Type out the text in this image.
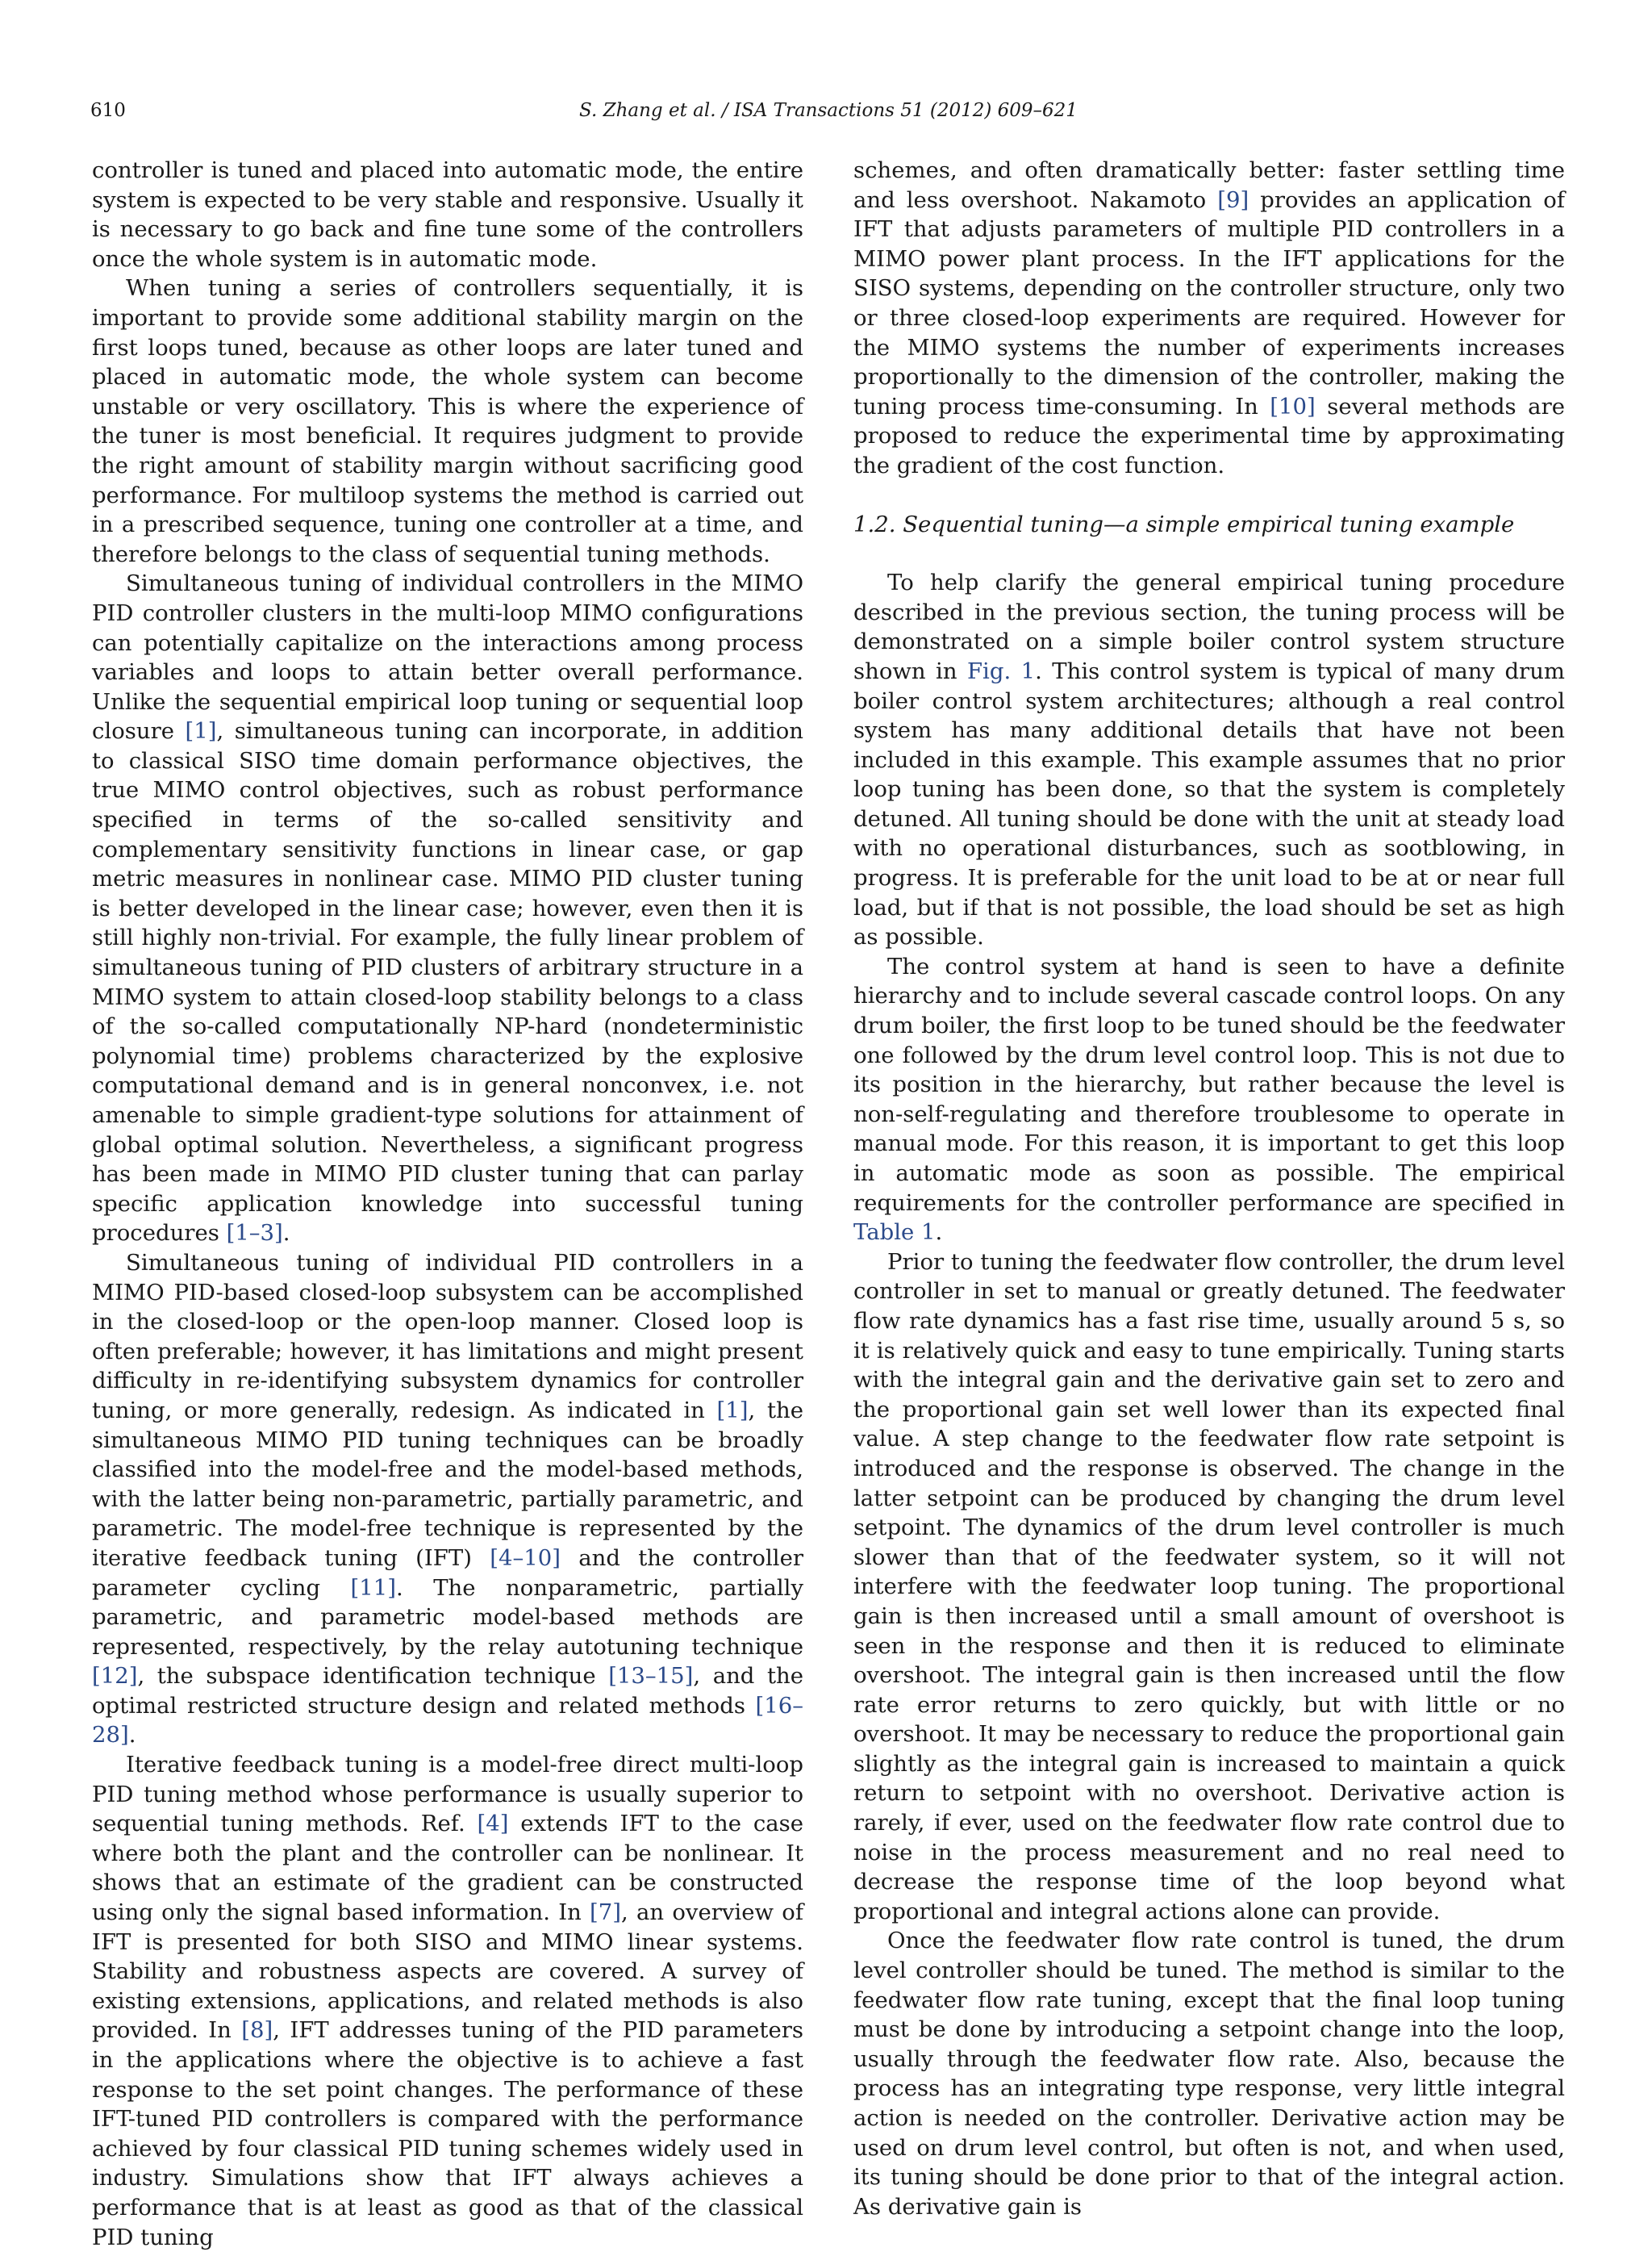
610	S. Zhang et al. / ISA Transactions 51 (2012) 609–621

controller is tuned and placed into automatic mode, the entire system is expected to be very stable and responsive. Usually it is necessary to go back and fine tune some of the controllers once the whole system is in automatic mode.

When tuning a series of controllers sequentially, it is important to provide some additional stability margin on the first loops tuned, because as other loops are later tuned and placed in automatic mode, the whole system can become unstable or very oscillatory. This is where the experience of the tuner is most beneficial. It requires judgment to provide the right amount of stability margin without sacrificing good performance. For multiloop systems the method is carried out in a prescribed sequence, tuning one controller at a time, and therefore belongs to the class of sequential tuning methods.

Simultaneous tuning of individual controllers in the MIMO PID controller clusters in the multi-loop MIMO configurations can potentially capitalize on the interactions among process variables and loops to attain better overall performance. Unlike the sequential empirical loop tuning or sequential loop closure [1], simultaneous tuning can incorporate, in addition to classical SISO time domain performance objectives, the true MIMO control objectives, such as robust performance specified in terms of the so-called sensitivity and complementary sensitivity functions in linear case, or gap metric measures in nonlinear case. MIMO PID cluster tuning is better developed in the linear case; however, even then it is still highly non-trivial. For example, the fully linear problem of simultaneous tuning of PID clusters of arbitrary structure in a MIMO system to attain closed-loop stability belongs to a class of the so-called computationally NP-hard (nondeterministic polynomial time) problems characterized by the explosive computational demand and is in general nonconvex, i.e. not amenable to simple gradient-type solutions for attainment of global optimal solution. Nevertheless, a significant progress has been made in MIMO PID cluster tuning that can parlay specific application knowledge into successful tuning procedures [1–3].

Simultaneous tuning of individual PID controllers in a MIMO PID-based closed-loop subsystem can be accomplished in the closed-loop or the open-loop manner. Closed loop is often preferable; however, it has limitations and might present difficulty in re-identifying subsystem dynamics for controller tuning, or more generally, redesign. As indicated in [1], the simultaneous MIMO PID tuning techniques can be broadly classified into the model-free and the model-based methods, with the latter being non-parametric, partially parametric, and parametric. The model-free technique is represented by the iterative feedback tuning (IFT) [4–10] and the controller parameter cycling [11]. The nonparametric, partially parametric, and parametric model-based methods are represented, respectively, by the relay autotuning technique [12], the subspace identification technique [13–15], and the optimal restricted structure design and related methods [16–28].

Iterative feedback tuning is a model-free direct multi-loop PID tuning method whose performance is usually superior to sequential tuning methods. Ref. [4] extends IFT to the case where both the plant and the controller can be nonlinear. It shows that an estimate of the gradient can be constructed using only the signal based information. In [7], an overview of IFT is presented for both SISO and MIMO linear systems. Stability and robustness aspects are covered. A survey of existing extensions, applications, and related methods is also provided. In [8], IFT addresses tuning of the PID parameters in the applications where the objective is to achieve a fast response to the set point changes. The performance of these IFT-tuned PID controllers is compared with the performance achieved by four classical PID tuning schemes widely used in industry. Simulations show that IFT always achieves a performance that is at least as good as that of the classical PID tuning

schemes, and often dramatically better: faster settling time and less overshoot. Nakamoto [9] provides an application of IFT that adjusts parameters of multiple PID controllers in a MIMO power plant process. In the IFT applications for the SISO systems, depending on the controller structure, only two or three closed-loop experiments are required. However for the MIMO systems the number of experiments increases proportionally to the dimension of the controller, making the tuning process time-consuming. In [10] several methods are proposed to reduce the experimental time by approximating the gradient of the cost function.

1.2. Sequential tuning—a simple empirical tuning example

To help clarify the general empirical tuning procedure described in the previous section, the tuning process will be demonstrated on a simple boiler control system structure shown in Fig. 1. This control system is typical of many drum boiler control system architectures; although a real control system has many additional details that have not been included in this example. This example assumes that no prior loop tuning has been done, so that the system is completely detuned. All tuning should be done with the unit at steady load with no operational disturbances, such as sootblowing, in progress. It is preferable for the unit load to be at or near full load, but if that is not possible, the load should be set as high as possible.

The control system at hand is seen to have a definite hierarchy and to include several cascade control loops. On any drum boiler, the first loop to be tuned should be the feedwater one followed by the drum level control loop. This is not due to its position in the hierarchy, but rather because the level is non-self-regulating and therefore troublesome to operate in manual mode. For this reason, it is important to get this loop in automatic mode as soon as possible. The empirical requirements for the controller performance are specified in Table 1.

Prior to tuning the feedwater flow controller, the drum level controller in set to manual or greatly detuned. The feedwater flow rate dynamics has a fast rise time, usually around 5 s, so it is relatively quick and easy to tune empirically. Tuning starts with the integral gain and the derivative gain set to zero and the proportional gain set well lower than its expected final value. A step change to the feedwater flow rate setpoint is introduced and the response is observed. The change in the latter setpoint can be produced by changing the drum level setpoint. The dynamics of the drum level controller is much slower than that of the feedwater system, so it will not interfere with the feedwater loop tuning. The proportional gain is then increased until a small amount of overshoot is seen in the response and then it is reduced to eliminate overshoot. The integral gain is then increased until the flow rate error returns to zero quickly, but with little or no overshoot. It may be necessary to reduce the proportional gain slightly as the integral gain is increased to maintain a quick return to setpoint with no overshoot. Derivative action is rarely, if ever, used on the feedwater flow rate control due to noise in the process measurement and no real need to decrease the response time of the loop beyond what proportional and integral actions alone can provide.

Once the feedwater flow rate control is tuned, the drum level controller should be tuned. The method is similar to the feedwater flow rate tuning, except that the final loop tuning must be done by introducing a setpoint change into the loop, usually through the feedwater flow rate. Also, because the process has an integrating type response, very little integral action is needed on the controller. Derivative action may be used on drum level control, but often is not, and when used, its tuning should be done prior to that of the integral action. As derivative gain is
